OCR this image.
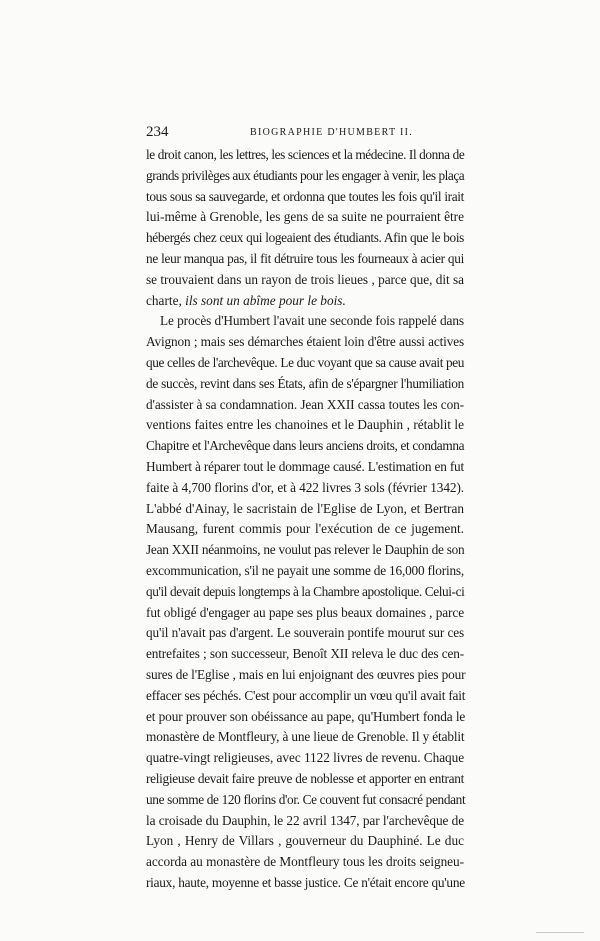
234	BIOGRAPHIE D'HUMBERT II.
le droit canon, les lettres, les sciences et la médecine. Il donna de
grands privilèges aux étudiants pour les engager à venir, les plaça
tous sous sa sauvegarde, et ordonna que toutes les fois qu'il irait
lui-même à Grenoble, les gens de sa suite ne pourraient être
hébergés chez ceux qui logeaient des étudiants. Afin que le bois
ne leur manqua pas, il fit détruire tous les fourneaux à acier qui
se trouvaient dans un rayon de trois lieues , parce que, dit sa
charte, ils sont un abîme pour le bois.
Le procès d'Humbert l'avait une seconde fois rappelé dans
Avignon ; mais ses démarches étaient loin d'être aussi actives
que celles de l'archevêque. Le duc voyant que sa cause avait peu
de succès, revint dans ses États, afin de s'épargner l'humiliation
d'assister à sa condamnation. Jean XXII cassa toutes les con-
ventions faites entre les chanoines et le Dauphin , rétablit le
Chapitre et l'Archevêque dans leurs anciens droits, et condamna
Humbert à réparer tout le dommage causé. L'estimation en fut
faite à 4,700 florins d'or, et à 422 livres 3 sols (février 1342).
L'abbé d'Ainay, le sacristain de l'Eglise de Lyon, et Bertran
Mausang, furent commis pour l'exécution de ce jugement.
Jean XXII néanmoins, ne voulut pas relever le Dauphin de son
excommunication, s'il ne payait une somme de 16,000 florins,
qu'il devait depuis longtemps à la Chambre apostolique. Celui-ci
fut obligé d'engager au pape ses plus beaux domaines , parce
qu'il n'avait pas d'argent. Le souverain pontife mourut sur ces
entrefaites ; son successeur, Benoît XII releva le duc des cen-
sures de l'Eglise , mais en lui enjoignant des œuvres pies pour
effacer ses péchés. C'est pour accomplir un vœu qu'il avait fait
et pour prouver son obéissance au pape, qu'Humbert fonda le
monastère de Montfleury, à une lieue de Grenoble. Il y établit
quatre-vingt religieuses, avec 1122 livres de revenu. Chaque
religieuse devait faire preuve de noblesse et apporter en entrant
une somme de 120 florins d'or. Ce couvent fut consacré pendant
la croisade du Dauphin, le 22 avril 1347, par l'archevêque de
Lyon , Henry de Villars , gouverneur du Dauphiné. Le duc
accorda au monastère de Montfleury tous les droits seigneu-
riaux, haute, moyenne et basse justice. Ce n'était encore qu'une
